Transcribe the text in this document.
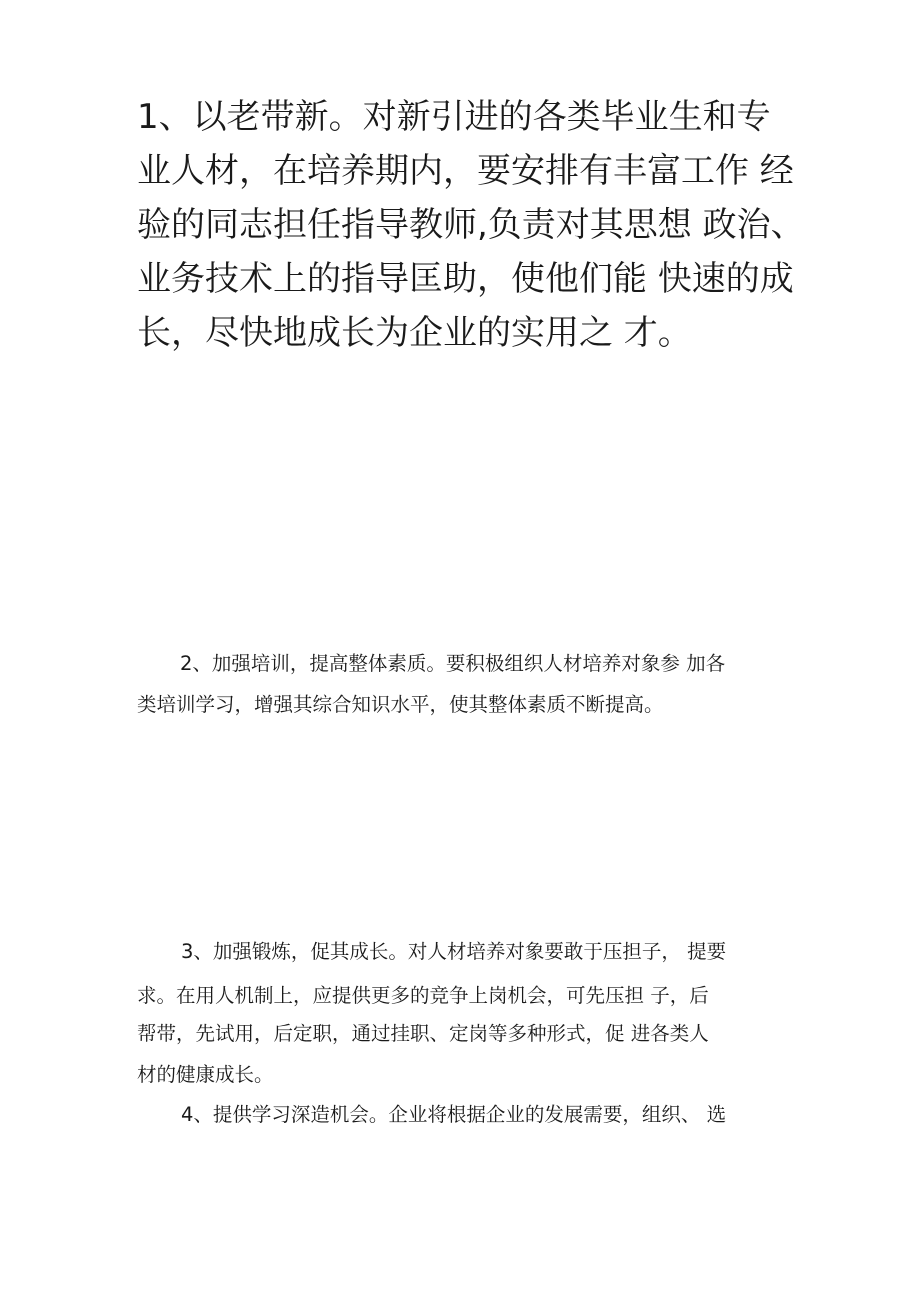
1、以老带新。对新引进的各类毕业生和专
业人材，在培养期内，要安排有丰富工作 经
验的同志担任指导教师,负责对其思想 政治、
业务技术上的指导匡助，使他们能 快速的成
长，尽快地成长为企业的实用之 才。
2、加强培训，提高整体素质。要积极组织人材培养对象参 加各
类培训学习，增强其综合知识水平，使其整体素质不断提高。
3、加强锻炼，促其成长。对人材培养对象要敢于压担子， 提要
求。在用人机制上，应提供更多的竞争上岗机会，可先压担 子，后
帮带，先试用，后定职，通过挂职、定岗等多种形式，促 进各类人
材的健康成长。
4、提供学习深造机会。企业将根据企业的发展需要，组织、 选
